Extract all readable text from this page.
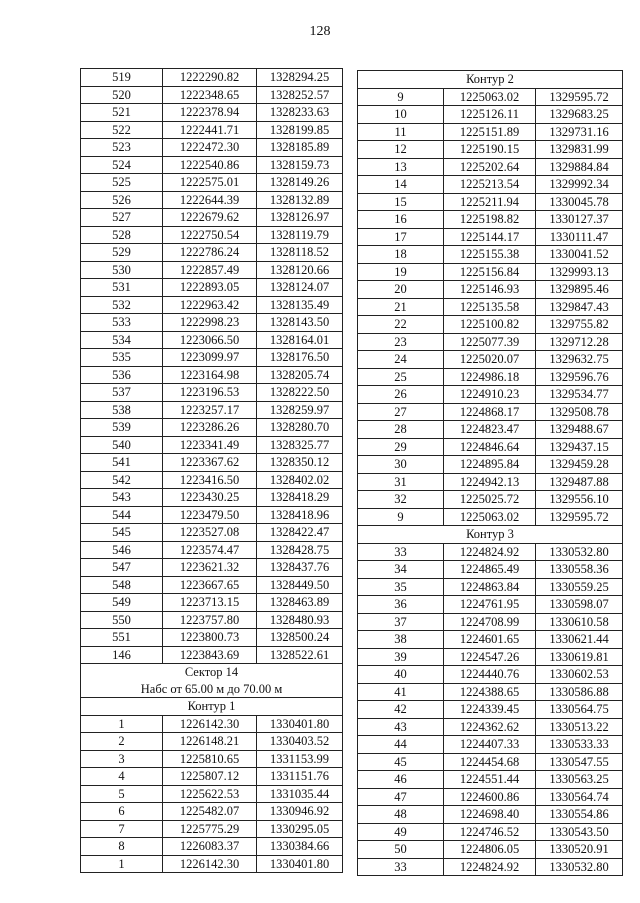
128
519	1222290.82	1328294.25
520	1222348.65	1328252.57
521	1222378.94	1328233.63
522	1222441.71	1328199.85
523	1222472.30	1328185.89
524	1222540.86	1328159.73
525	1222575.01	1328149.26
526	1222644.39	1328132.89
527	1222679.62	1328126.97
528	1222750.54	1328119.79
529	1222786.24	1328118.52
530	1222857.49	1328120.66
531	1222893.05	1328124.07
532	1222963.42	1328135.49
533	1222998.23	1328143.50
534	1223066.50	1328164.01
535	1223099.97	1328176.50
536	1223164.98	1328205.74
537	1223196.53	1328222.50
538	1223257.17	1328259.97
539	1223286.26	1328280.70
540	1223341.49	1328325.77
541	1223367.62	1328350.12
542	1223416.50	1328402.02
543	1223430.25	1328418.29
544	1223479.50	1328418.96
545	1223527.08	1328422.47
546	1223574.47	1328428.75
547	1223621.32	1328437.76
548	1223667.65	1328449.50
549	1223713.15	1328463.89
550	1223757.80	1328480.93
551	1223800.73	1328500.24
146	1223843.69	1328522.61
Сектор 14		
Набс от 65.00 м до 70.00 м		
Контур 1		
1	1226142.30	1330401.80
2	1226148.21	1330403.52
3	1225810.65	1331153.99
4	1225807.12	1331151.76
5	1225622.53	1331035.44
6	1225482.07	1330946.92
7	1225775.29	1330295.05
8	1226083.37	1330384.66
1	1226142.30	1330401.80
Контур 2		
9	1225063.02	1329595.72
10	1225126.11	1329683.25
11	1225151.89	1329731.16
12	1225190.15	1329831.99
13	1225202.64	1329884.84
14	1225213.54	1329992.34
15	1225211.94	1330045.78
16	1225198.82	1330127.37
17	1225144.17	1330111.47
18	1225155.38	1330041.52
19	1225156.84	1329993.13
20	1225146.93	1329895.46
21	1225135.58	1329847.43
22	1225100.82	1329755.82
23	1225077.39	1329712.28
24	1225020.07	1329632.75
25	1224986.18	1329596.76
26	1224910.23	1329534.77
27	1224868.17	1329508.78
28	1224823.47	1329488.67
29	1224846.64	1329437.15
30	1224895.84	1329459.28
31	1224942.13	1329487.88
32	1225025.72	1329556.10
9	1225063.02	1329595.72
Контур 3		
33	1224824.92	1330532.80
34	1224865.49	1330558.36
35	1224863.84	1330559.25
36	1224761.95	1330598.07
37	1224708.99	1330610.58
38	1224601.65	1330621.44
39	1224547.26	1330619.81
40	1224440.76	1330602.53
41	1224388.65	1330586.88
42	1224339.45	1330564.75
43	1224362.62	1330513.22
44	1224407.33	1330533.33
45	1224454.68	1330547.55
46	1224551.44	1330563.25
47	1224600.86	1330564.74
48	1224698.40	1330554.86
49	1224746.52	1330543.50
50	1224806.05	1330520.91
33	1224824.92	1330532.80
